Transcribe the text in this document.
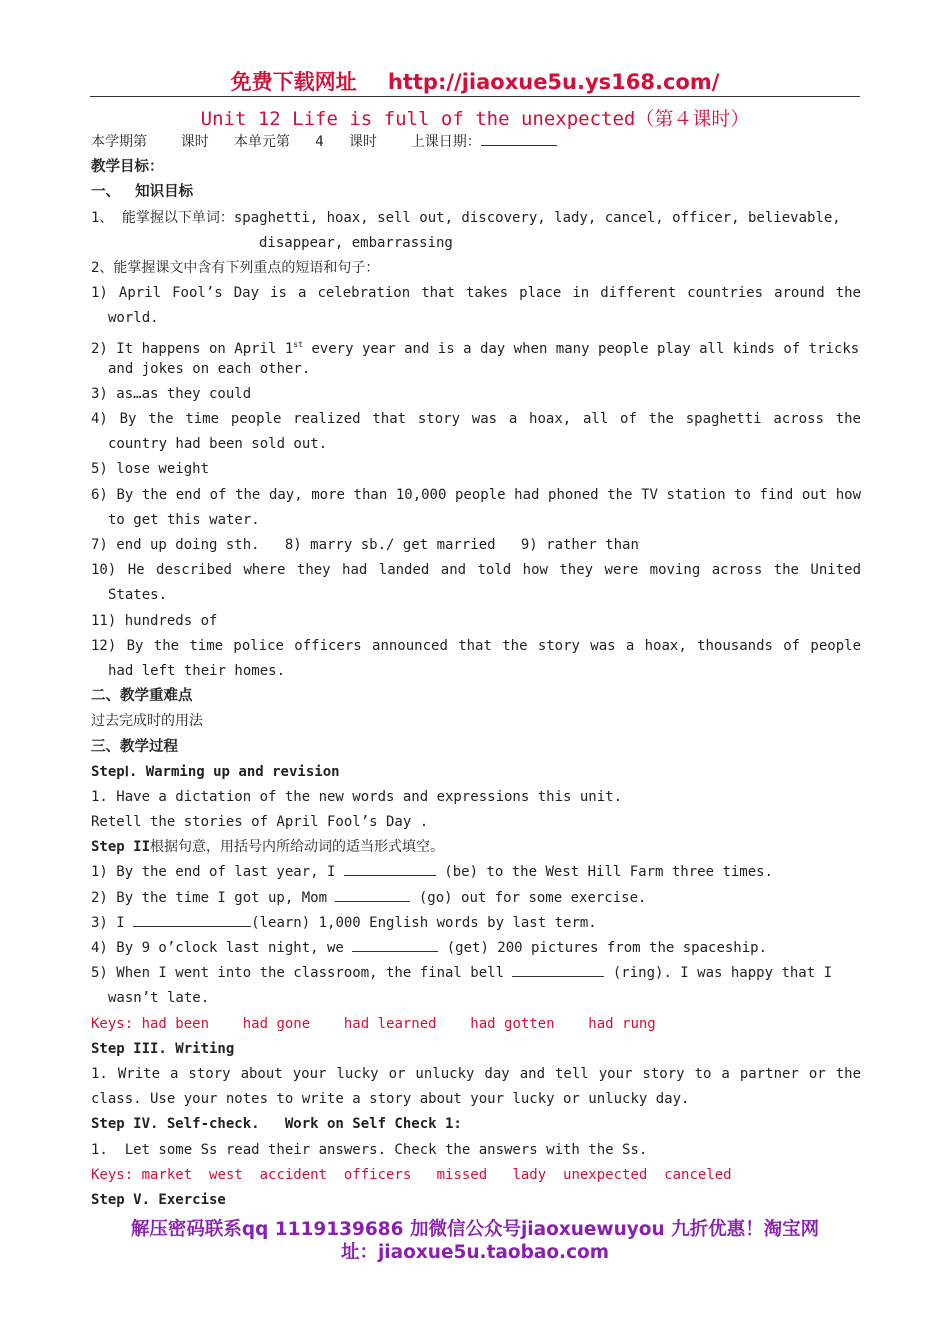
免费下载网址 http://jiaoxue5u.ys168.com/
Unit 12 Life is full of the unexpected（第４课时）
本学期第    课时   本单元第   4   课时    上课日期：
教学目标：
一、   知识目标
1、 能掌握以下单词：spaghetti, hoax, sell out, discovery, lady, cancel, officer, believable,
disappear, embarrassing
2、能掌握课文中含有下列重点的短语和句子：
1) April Fool’s Day is a celebration that takes place in different countries around the
world.
2) It happens on April 1st every year and is a day when many people play all kinds of tricks
and jokes on each other.
3) as…as they could
4) By the time people realized that story was a hoax, all of the spaghetti across the
country had been sold out.
5) lose weight
6) By the end of the day, more than 10,000 people had phoned the TV station to find out how
to get this water.
7) end up doing sth.   8) marry sb./ get married   9) rather than
10) He described where they had landed and told how they were moving across the United
States.
11) hundreds of
12) By the time police officers announced that the story was a hoax, thousands of people
had left their homes.
二、教学重难点
过去完成时的用法
三、教学过程
StepⅠ. Warming up and revision
1. Have a dictation of the new words and expressions this unit.
Retell the stories of April Fool’s Day .
Step II根据句意，用括号内所给动词的适当形式填空。
1) By the end of last year, I	(be) to the West Hill Farm three times.
2) By the time I got up, Mom	(go) out for some exercise.
3) I	(learn) 1,000 English words by last term.
4) By 9 o’clock last night, we	(get) 200 pictures from the spaceship.
5) When I went into the classroom, the final bell	(ring). I was happy that I
wasn’t late.
Keys: had been    had gone    had learned    had gotten    had rung
Step III. Writing
1. Write a story about your lucky or unlucky day and tell your story to a partner or the
class. Use your notes to write a story about your lucky or unlucky day.
Step IV. Self-check.   Work on Self Check 1:
1.  Let some Ss read their answers. Check the answers with the Ss.
Keys: market  west  accident  officers   missed   lady  unexpected  canceled
Step V. Exercise
解压密码联系qq 1119139686 加微信公众号jiaoxuewuyou 九折优惠！淘宝网
址：jiaoxue5u.taobao.com
